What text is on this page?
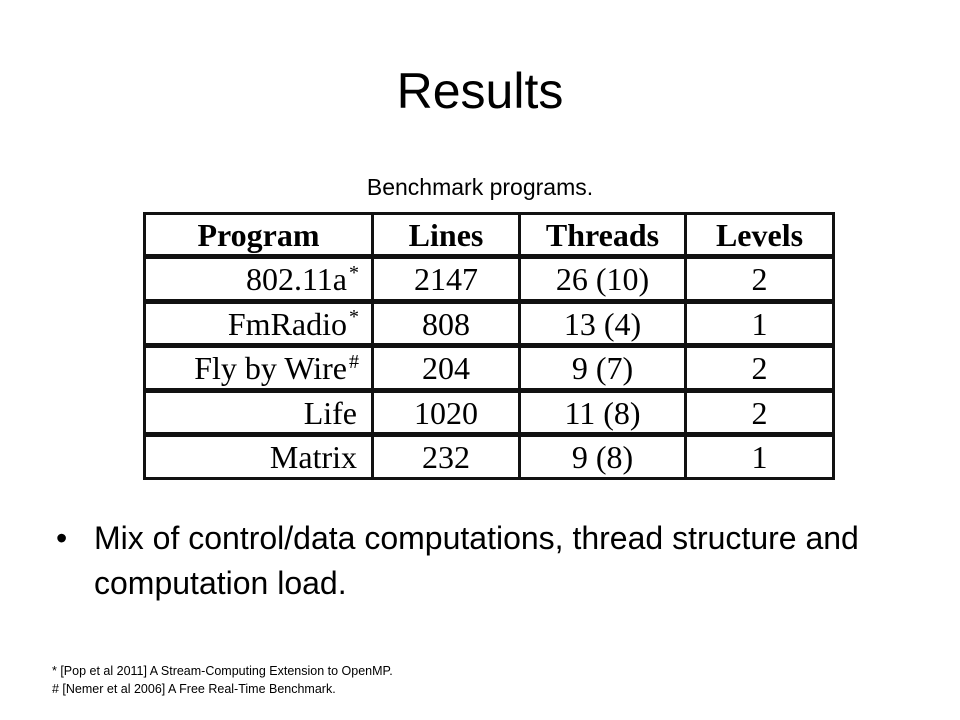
Results
Benchmark programs.
Program	Lines	Threads	Levels
802.11a *	2147	26 (10)	2
FmRadio *	808	13 (4)	1
Fly by Wire #	204	9 (7)	2
Life	1020	11 (8)	2
Matrix	232	9 (8)	1
• Mix of control/data computations, thread structure and computation load.
* [Pop et al 2011] A Stream-Computing Extension to OpenMP.
# [Nemer et al 2006] A Free Real-Time Benchmark.
